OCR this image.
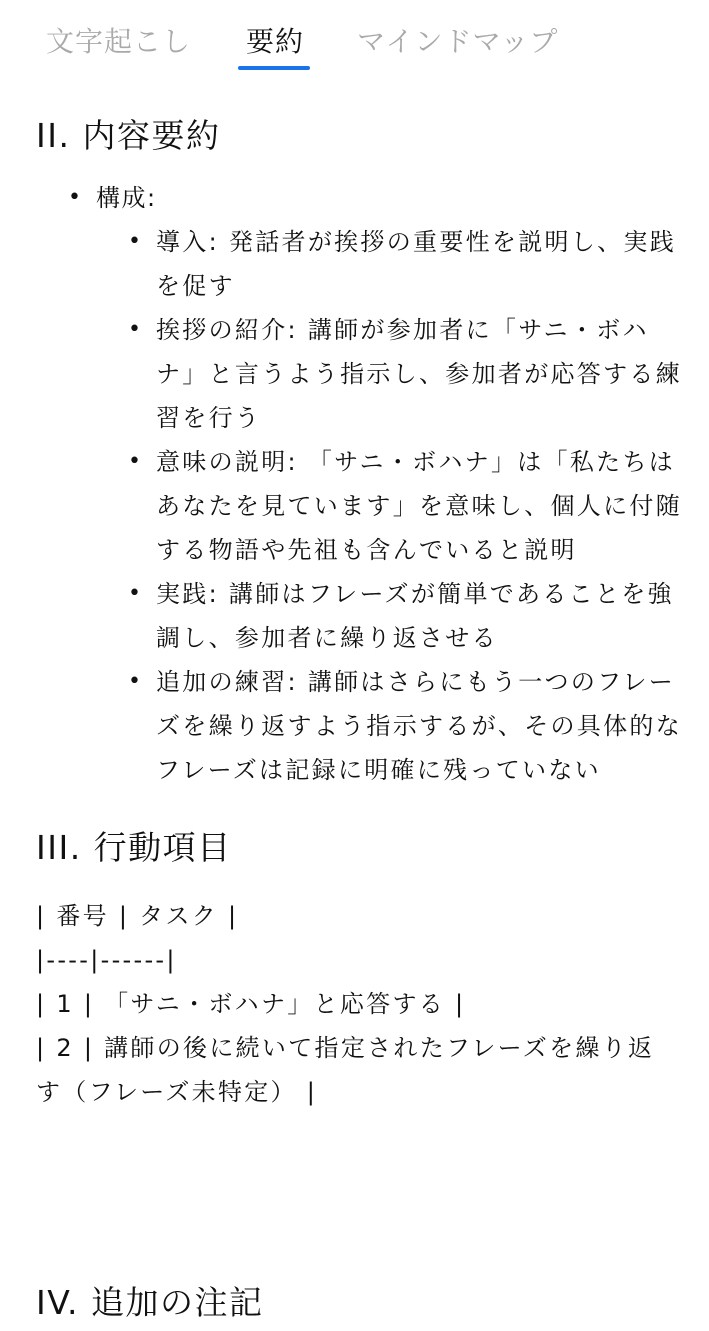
文字起こし 要約 マインドマップ
II. 内容要約
• 構成:
• 導入: 発話者が挨拶の重要性を説明し、実践を促す
• 挨拶の紹介: 講師が参加者に「サニ・ボハナ」と言うよう指示し、参加者が応答する練習を行う
• 意味の説明: 「サニ・ボハナ」は「私たちはあなたを見ています」を意味し、個人に付随する物語や先祖も含んでいると説明
• 実践: 講師はフレーズが簡単であることを強調し、参加者に繰り返させる
• 追加の練習: 講師はさらにもう一つのフレーズを繰り返すよう指示するが、その具体的なフレーズは記録に明確に残っていない
III. 行動項目
| 番号 | タスク |
|----|------|
| 1 | 「サニ・ボハナ」と応答する |
| 2 | 講師の後に続いて指定されたフレーズを繰り返す（フレーズ未特定） |
IV. 追加の注記
